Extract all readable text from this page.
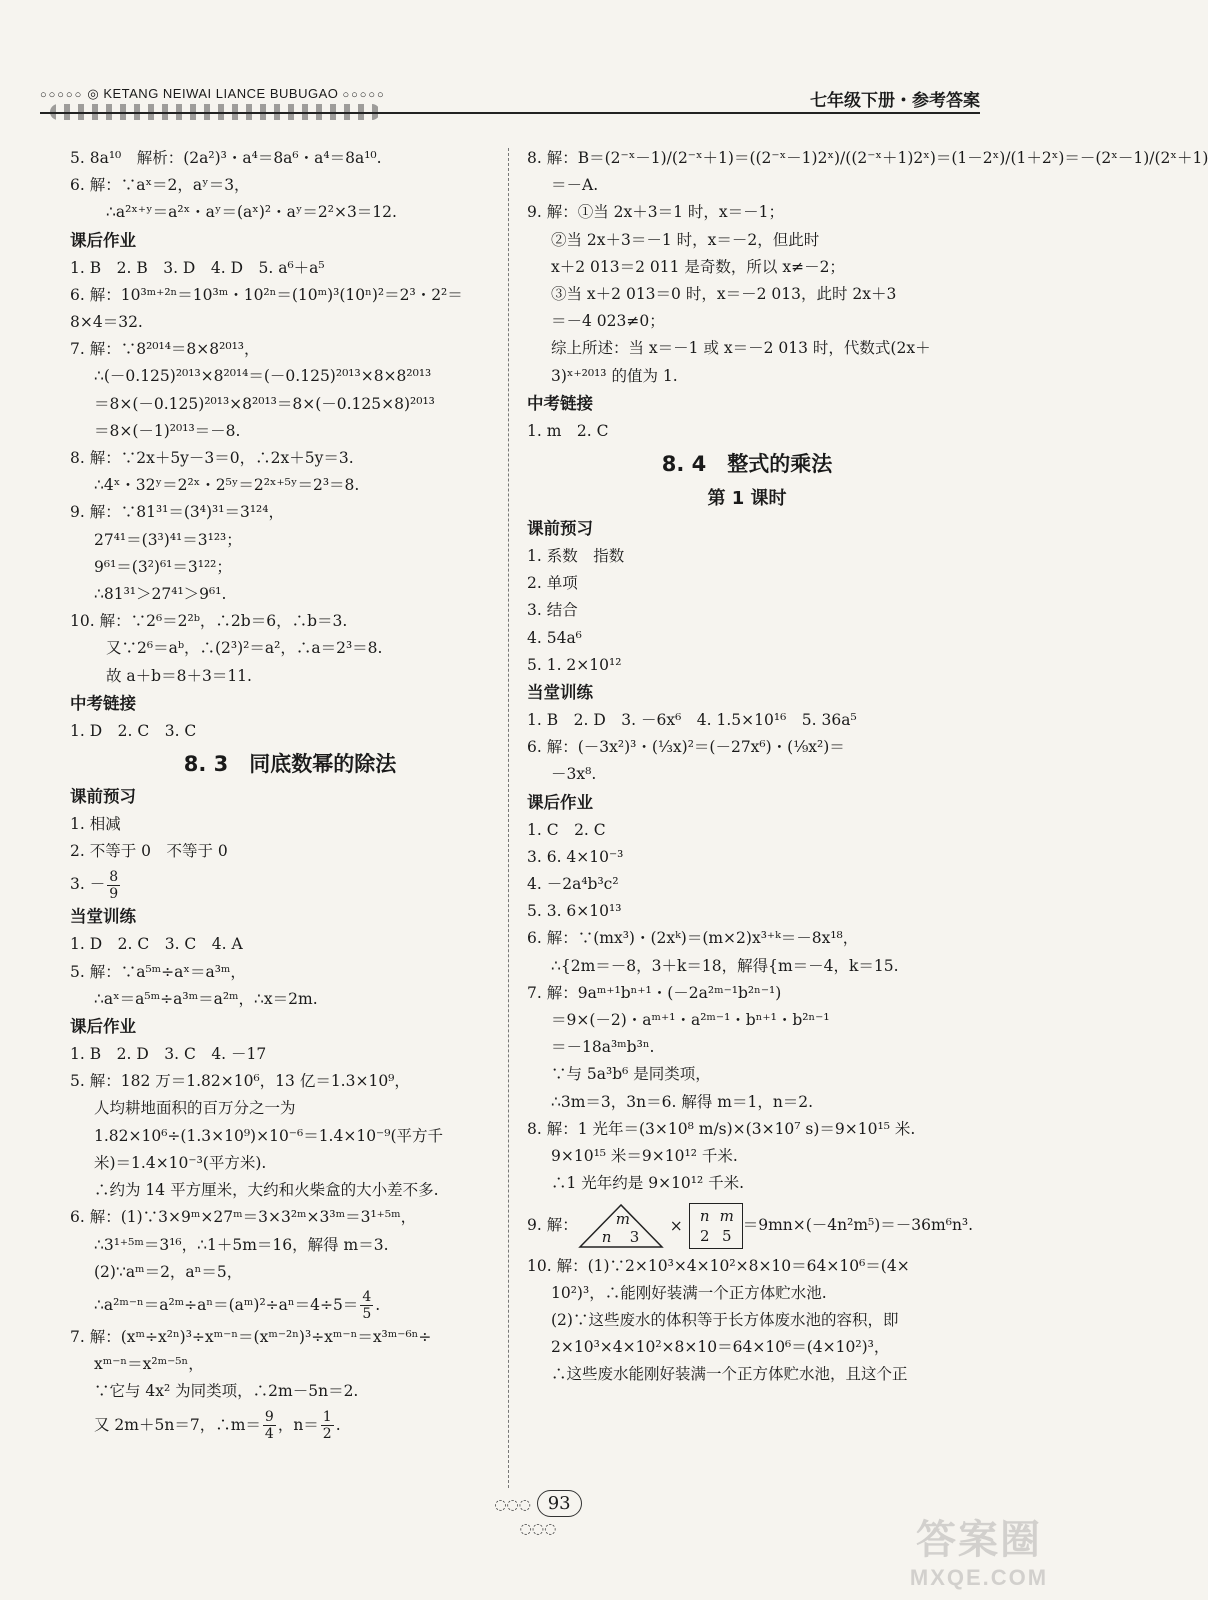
○○○○○ ◎ KETANG NEIWAI LIANCE BUBUGAO ○○○○○	七年级下册・参考答案
5. 8a¹⁰　解析：(2a²)³・a⁴＝8a⁶・a⁴＝8a¹⁰.
6. 解：∵aˣ＝2，aʸ＝3，
∴a²ˣ⁺ʸ＝a²ˣ・aʸ＝(aˣ)²・aʸ＝2²×3＝12.
课后作业
1. B　2. B　3. D　4. D　5. a⁶＋a⁵
6. 解：10³ᵐ⁺²ⁿ＝10³ᵐ・10²ⁿ＝(10ᵐ)³(10ⁿ)²＝2³・2²＝
8×4＝32.
7. 解：∵8²⁰¹⁴＝8×8²⁰¹³，
∴(－0.125)²⁰¹³×8²⁰¹⁴＝(－0.125)²⁰¹³×8×8²⁰¹³
＝8×(－0.125)²⁰¹³×8²⁰¹³＝8×(－0.125×8)²⁰¹³
＝8×(－1)²⁰¹³＝－8.
8. 解：∵2x＋5y－3＝0，∴2x＋5y＝3.
∴4ˣ・32ʸ＝2²ˣ・2⁵ʸ＝2²ˣ⁺⁵ʸ＝2³＝8.
9. 解：∵81³¹＝(3⁴)³¹＝3¹²⁴，
27⁴¹＝(3³)⁴¹＝3¹²³；
9⁶¹＝(3²)⁶¹＝3¹²²；
∴81³¹＞27⁴¹＞9⁶¹.
10. 解：∵2⁶＝2²ᵇ，∴2b＝6，∴b＝3.
又∵2⁶＝aᵇ，∴(2³)²＝a²，∴a＝2³＝8.
故 a＋b＝8＋3＝11.
中考链接
1. D　2. C　3. C
8. 3　同底数幂的除法
课前预习
1. 相减
2. 不等于 0　不等于 0
3. － $\frac{8}{9}$
当堂训练
1. D　2. C　3. C　4. A
5. 解：∵a⁵ᵐ÷aˣ＝a³ᵐ，
∴aˣ＝a⁵ᵐ÷a³ᵐ＝a²ᵐ，∴x＝2m.
课后作业
1. B　2. D　3. C　4. －17
5. 解：182 万＝1.82×10⁶，13 亿＝1.3×10⁹，
人均耕地面积的百万分之一为
1.82×10⁶÷(1.3×10⁹)×10⁻⁶＝1.4×10⁻⁹(平方千
米)＝1.4×10⁻³(平方米).
∴约为 14 平方厘米，大约和火柴盒的大小差不多.
6. 解：(1)∵3×9ᵐ×27ᵐ＝3×3²ᵐ×3³ᵐ＝3¹⁺⁵ᵐ，
∴3¹⁺⁵ᵐ＝3¹⁶，∴1＋5m＝16，解得 m＝3.
(2)∵aᵐ＝2，aⁿ＝5，
∴a²ᵐ⁻ⁿ＝a²ᵐ÷aⁿ＝(aᵐ)²÷aⁿ＝4÷5＝ $\frac{4}{5}$ .
7. 解：(xᵐ÷x²ⁿ)³÷xᵐ⁻ⁿ＝(xᵐ⁻²ⁿ)³÷xᵐ⁻ⁿ＝x³ᵐ⁻⁶ⁿ÷
xᵐ⁻ⁿ＝x²ᵐ⁻⁵ⁿ，
∵它与 4x² 为同类项，∴2m－5n＝2.
又 2m＋5n＝7，∴m＝ $\frac{9}{4}$ ，$n= \frac{1}{2}$ .
8. 解：B＝(2⁻ˣ－1)/(2⁻ˣ＋1)＝((2⁻ˣ－1)2ˣ)/((2⁻ˣ＋1)2ˣ)＝(1－2ˣ)/(1＋2ˣ)＝－(2ˣ－1)/(2ˣ＋1)
＝－A.
9. 解：①当 2x＋3＝1 时，x＝－1；
②当 2x＋3＝－1 时，x＝－2，但此时
x＋2 013＝2 011 是奇数，所以 x≠－2；
③当 x＋2 013＝0 时，x＝－2 013，此时 2x＋3
＝－4 023≠0；
综上所述：当 x＝－1 或 x＝－2 013 时，代数式(2x＋
3)ˣ⁺²⁰¹³ 的值为 1.
中考链接
1. m　2. C
8. 4　整式的乘法
第 1 课时
课前预习
1. 系数　指数
2. 单项
3. 结合
4. 54a⁶
5. 1. 2×10¹²
当堂训练
1. B　2. D　3. －6x⁶　4. 1.5×10¹⁶　5. 36a⁵
6. 解：(－3x²)³・(⅓x)²＝(－27x⁶)・(⅑x²)＝
－3x⁸.
课后作业
1. C　2. C
3. 6. 4×10⁻³
4. －2a⁴b³c²
5. 3. 6×10¹³
6. 解：∵(mx³)・(2xᵏ)＝(m×2)x³⁺ᵏ＝－8x¹⁸，
∴{2m＝－8，3＋k＝18，解得{m＝－4，k＝15.
7. 解：9aᵐ⁺¹bⁿ⁺¹・(－2a²ᵐ⁻¹b²ⁿ⁻¹)
＝9×(－2)・aᵐ⁺¹・a²ᵐ⁻¹・bⁿ⁺¹・b²ⁿ⁻¹
＝－18a³ᵐb³ⁿ.
∵与 5a³b⁶ 是同类项，
∴3m＝3，3n＝6. 解得 m＝1，n＝2.
8. 解：1 光年＝(3×10⁸ m/s)×(3×10⁷ s)＝9×10¹⁵ 米.
9×10¹⁵ 米＝9×10¹² 千米.
∴1 光年约是 9×10¹² 千米.
9. 解：	m
n 3
×
n m
2 5
＝9mn×(－4n²m⁵)＝－36m⁶n³.
10. 解：(1)∵2×10³×4×10²×8×10＝64×10⁶＝(4×
10²)³，∴能刚好装满一个正方体贮水池.
(2)∵这些废水的体积等于长方体废水池的容积，即
2×10³×4×10²×8×10＝64×10⁶＝(4×10²)³，
∴这些废水能刚好装满一个正方体贮水池，且这个正
◌◌◌ 93 ◌◌◌	答案圈
MXQE.COM
